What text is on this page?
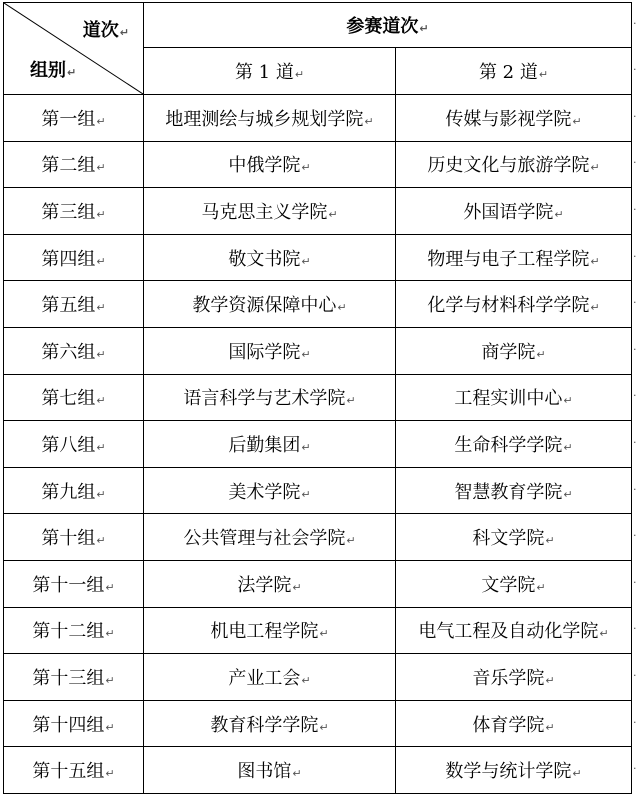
道次↵
组别↵	参赛道次↵	
	第 1 道↵	第 2 道↵
第一组↵	地理测绘与城乡规划学院↵	传媒与影视学院↵
第二组↵	中俄学院↵	历史文化与旅游学院↵
第三组↵	马克思主义学院↵	外国语学院↵
第四组↵	敬文书院↵	物理与电子工程学院↵
第五组↵	教学资源保障中心↵	化学与材料科学学院↵
第六组↵	国际学院↵	商学院↵
第七组↵	语言科学与艺术学院↵	工程实训中心↵
第八组↵	后勤集团↵	生命科学学院↵
第九组↵	美术学院↵	智慧教育学院↵
第十组↵	公共管理与社会学院↵	科文学院↵
第十一组↵	法学院↵	文学院↵
第十二组↵	机电工程学院↵	电气工程及自动化学院↵
第十三组↵	产业工会↵	音乐学院↵
第十四组↵	教育科学学院↵	体育学院↵
第十五组↵	图书馆↵	数学与统计学院↵
·
·
·
·
·
·
·
·
·
·
·
·
·
·
·
·
·
